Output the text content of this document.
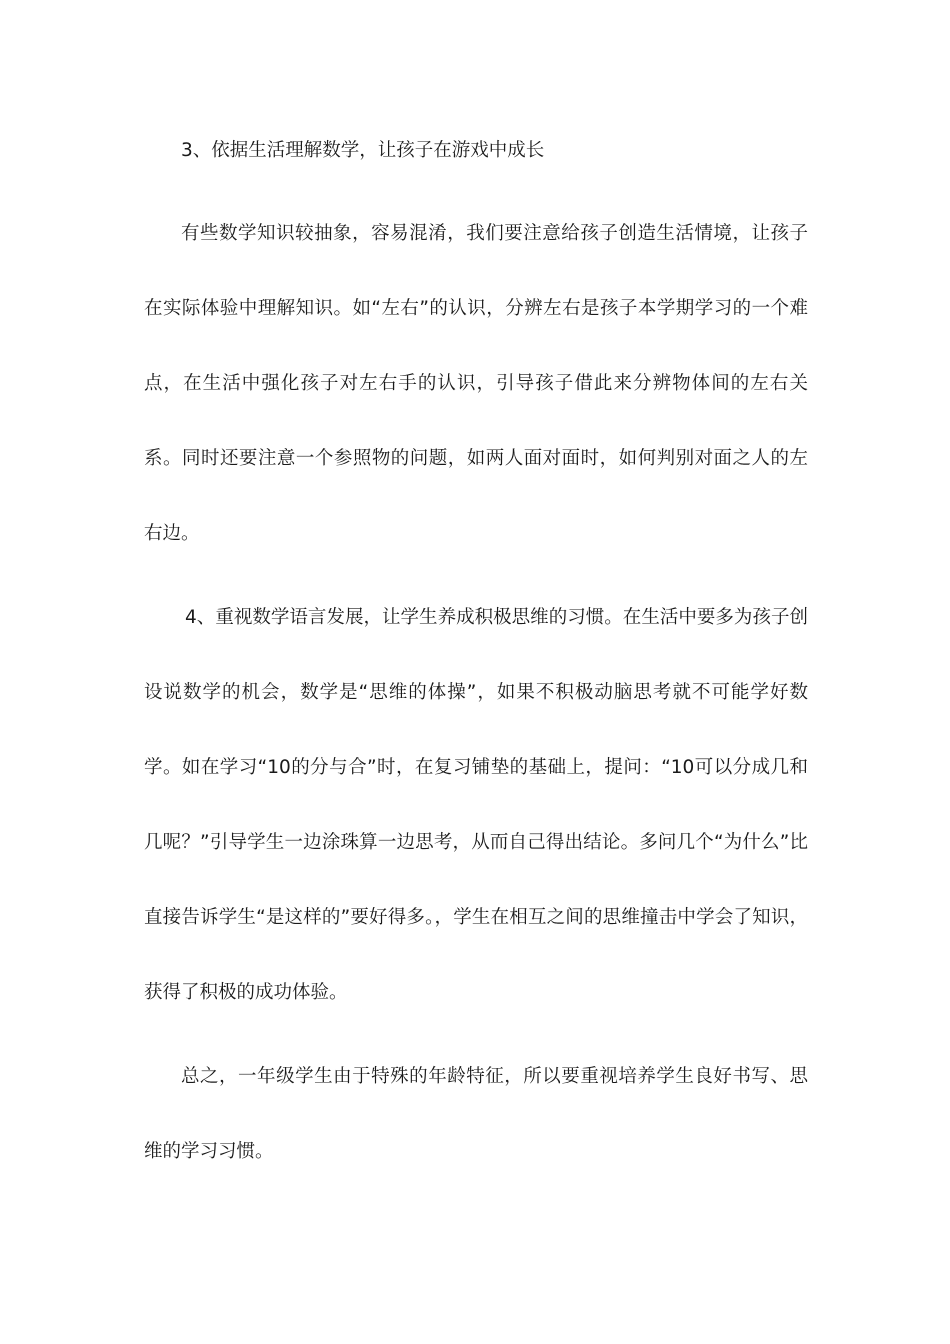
3、依据生活理解数学，让孩子在游戏中成长

有些数学知识较抽象，容易混淆，我们要注意给孩子创造生活情境，让孩子在实际体验中理解知识。如“左右”的认识，分辨左右是孩子本学期学习的一个难点，在生活中强化孩子对左右手的认识，引导孩子借此来分辨物体间的左右关系。同时还要注意一个参照物的问题，如两人面对面时，如何判别对面之人的左右边。

4、重视数学语言发展，让学生养成积极思维的习惯。在生活中要多为孩子创设说数学的机会，数学是“思维的体操”，如果不积极动脑思考就不可能学好数学。如在学习“10的分与合”时，在复习铺垫的基础上，提问：“10可以分成几和几呢？”引导学生一边涂珠算一边思考，从而自己得出结论。多问几个“为什么”比直接告诉学生“是这样的”要好得多。，学生在相互之间的思维撞击中学会了知识，获得了积极的成功体验。

总之，一年级学生由于特殊的年龄特征，所以要重视培养学生良好书写、思维的学习习惯。
